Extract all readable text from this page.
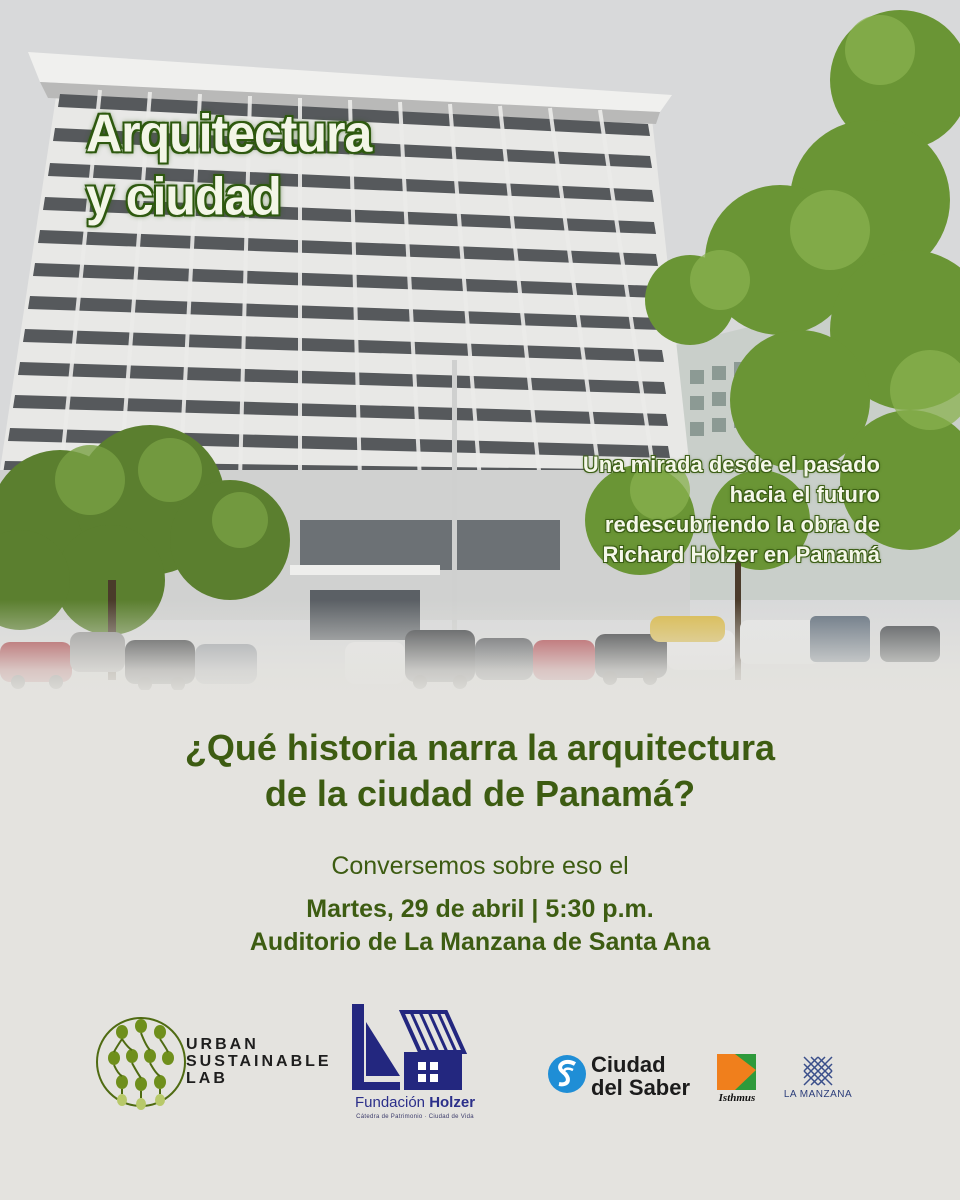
Arquitectura
y ciudad
Una mirada desde el pasado hacia el futuro redescubriendo la obra de Richard Holzer en Panamá
¿Qué historia narra la arquitectura
de la ciudad de Panamá?
Conversemos sobre eso el
Martes, 29 de abril | 5:30 p.m.
Auditorio de La Manzana de Santa Ana
URBAN
SUSTAINABLE
LAB
Fundación Holzer
Cátedra de Patrimonio · Ciudad de Vida
Ciudad
del Saber	Isthmus	LA MANZANA
